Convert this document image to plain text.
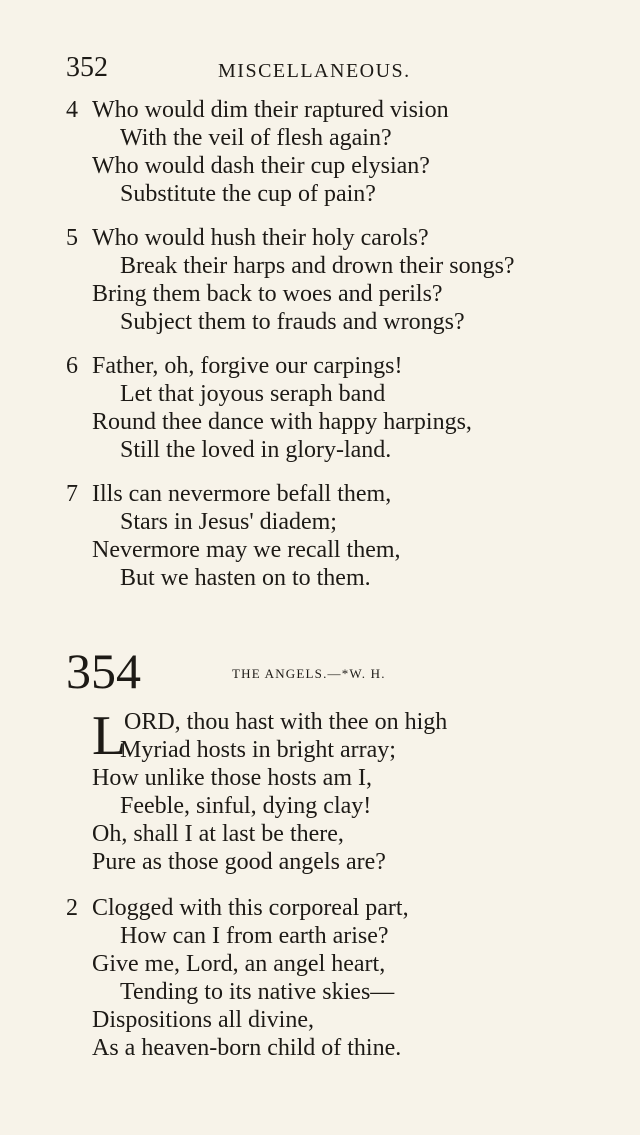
352	MISCELLANEOUS.
4 Who would dim their raptured vision
With the veil of flesh again?
Who would dash their cup elysian?
Substitute the cup of pain?
5 Who would hush their holy carols?
Break their harps and drown their songs?
Bring them back to woes and perils?
Subject them to frauds and wrongs?
6 Father, oh, forgive our carpings!
Let that joyous seraph band
Round thee dance with happy harpings,
Still the loved in glory-land.
7 Ills can nevermore befall them,
Stars in Jesus' diadem;
Nevermore may we recall them,
But we hasten on to them.
354	THE ANGELS.—*W. H.
L
ORD, thou hast with thee on high
Myriad hosts in bright array;
How unlike those hosts am I,
Feeble, sinful, dying clay!
Oh, shall I at last be there,
Pure as those good angels are?
2 Clogged with this corporeal part,
How can I from earth arise?
Give me, Lord, an angel heart,
Tending to its native skies—
Dispositions all divine,
As a heaven-born child of thine.
